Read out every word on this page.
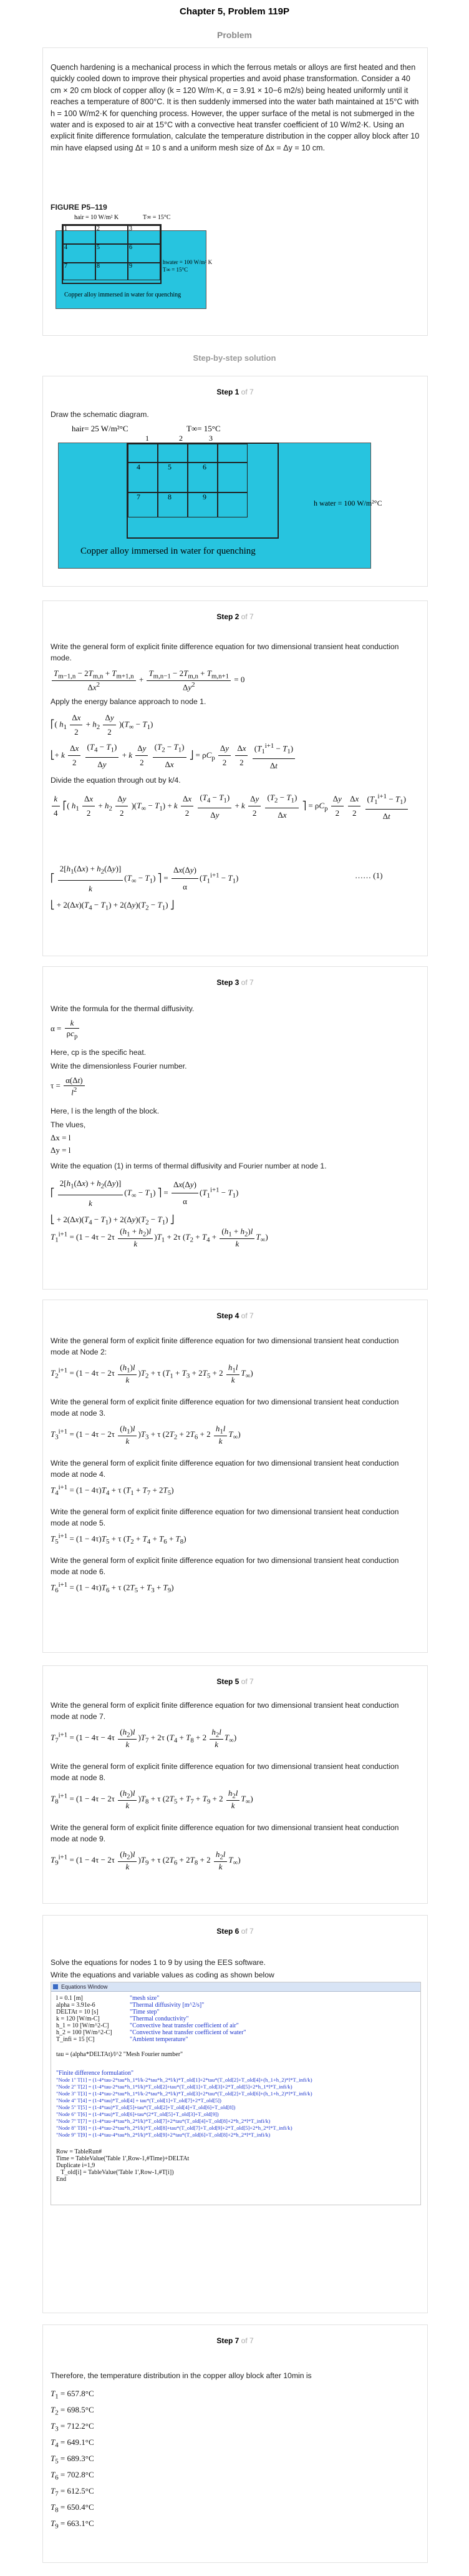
Chapter 5, Problem 119P
Problem
Quench hardening is a mechanical process in which the ferrous metals or alloys are first heated and then quickly cooled down to improve their physical properties and avoid phase transformation. Consider a 40 cm × 20 cm block of copper alloy (k = 120 W/m·K, α = 3.91 × 10−6 m2/s) being heated uniformly until it reaches a temperature of 800°C. It is then suddenly immersed into the water bath maintained at 15°C with h = 100 W/m2·K for quenching process. However, the upper surface of the metal is not submerged in the water and is exposed to air at 15°C with a convective heat transfer coefficient of 10 W/m2·K. Using an explicit finite difference formulation, calculate the temperature distribution in the copper alloy block after 10 min have elapsed using Δt = 10 s and a uniform mesh size of Δx = Δy = 10 cm.
FIGURE P5–119
hair = 10 W/m² K	T∞ = 15°C
1	2	3
4	5	6
7	8	9
hwater = 100 W/m² K
T∞ = 15°C
Copper alloy immersed in water for quenching
Step-by-step solution
Step 1 of 7
Draw the schematic diagram.
hair= 25 W/m²°C	T∞= 15°C
1	2	3
4	5	6
7	8	9
h water = 100 W/m²°C
Copper alloy immersed in water for quenching
Step 2 of 7
Write the general form of explicit finite difference equation for two dimensional transient heat conduction mode.
$\frac{T_{m-1,n} - 2T_{m,n} + T_{m+1,n}}{\Delta x^2} + \frac{T_{m,n-1} - 2T_{m,n} + T_{m,n+1}}{\Delta y^2} = 0$
Apply the energy balance approach to node 1.
⎡( $h_1 \frac{\Delta x}{2} + h_2 \frac{\Delta y}{2} )(T_\infty - T_1)$
⎣+ k $\frac{\Delta x}{2}$
$\frac{(T_4 - T_1)}{\Delta y} + k \frac{\Delta y}{2}$
$\frac{(T_2 - T_1)}{\Delta x}$ ⎦ = $\rho C_p \frac{\Delta y}{2}$
$\frac{\Delta x}{2}$
$\frac{(T_1^{i+1} - T_1)}{\Delta t}$
Divide the equation through out by k/4.
$\frac{k}{4}$ ⎡( $h_1 \frac{\Delta x}{2} + h_2 \frac{\Delta y}{2} )(T_\infty - T_1) + k \frac{\Delta x}{2}$
$\frac{(T_4 - T_1)}{\Delta y} + k \frac{\Delta y}{2}$
$\frac{(T_2 - T_1)}{\Delta x}$ ⎤ = $\rho C_p \frac{\Delta y}{2}$
$\frac{\Delta x}{2}$
$\frac{(T_1^{i+1} - T_1)}{\Delta t}$
⎡ $\frac{2[h_1(\Delta x) + h_2(\Delta y)]}{k} (T_\infty - T_1)$ ⎤ = $\frac{\Delta x(\Delta y)}{\alpha} (T_1^{i+1} - T_1)$
⎣ + $2(\Delta x)(T_4 - T_1) + 2(\Delta y)(T_2 - T_1)$ ⎦
…… (1)
Step 3 of 7
Write the formula for the thermal diffusivity.
$\alpha = \frac{k}{\rho c_p}$
Here, cp is the specific heat.
Write the dimensionless Fourier number.
$\tau = \frac{\alpha(\Delta t)}{l^2}$
Here, l is the length of the block.
The vlues,
Δx = l
Δy = l
Write the equation (1) in terms of thermal diffusivity and Fourier number at node 1.
⎡ $\frac{2[h_1(\Delta x) + h_2(\Delta y)]}{k} (T_\infty - T_1)$ ⎤ = $\frac{\Delta x(\Delta y)}{\alpha} (T_1^{i+1} - T_1)$
⎣ + $2(\Delta x)(T_4 - T_1) + 2(\Delta y)(T_2 - T_1)$ ⎦
$T_1^{i+1} = (1 - 4\tau - 2\tau \frac{(h_1 + h_2)l}{k} )T_1 + 2\tau$ $(T_2 + T_4 + \frac{(h_1 + h_2)l}{k} T_\infty)$
Step 4 of 7
Write the general form of explicit finite difference equation for two dimensional transient heat conduction mode at Node 2:
$T_2^{i+1} = (1 - 4\tau - 2\tau \frac{(h_1)l}{k} )T_2 + \tau$ $(T_1 + T_3 + 2T_5 + 2 \frac{h_1l}{k} T_\infty)$
Write the general form of explicit finite difference equation for two dimensional transient heat conduction mode at node 3.
$T_3^{i+1} = (1 - 4\tau - 2\tau \frac{(h_1)l}{k} )T_3 + \tau$ $(2T_2 + 2T_6 + 2 \frac{h_1l}{k} T_\infty)$
Write the general form of explicit finite difference equation for two dimensional transient heat conduction mode at node 4.
$T_4^{i+1} = (1 - 4\tau)T_4 + \tau$ $(T_1 + T_7 + 2T_5)$
Write the general form of explicit finite difference equation for two dimensional transient heat conduction mode at node 5.
$T_5^{i+1} = (1 - 4\tau)T_5 + \tau$ $(T_2 + T_4 + T_6 + T_8)$
Write the general form of explicit finite difference equation for two dimensional transient heat conduction mode at node 6.
$T_6^{i+1} = (1 - 4\tau)T_6 + \tau$ $(2T_5 + T_3 + T_9)$
Step 5 of 7
Write the general form of explicit finite difference equation for two dimensional transient heat conduction mode at node 7.
$T_7^{i+1} = (1 - 4\tau - 4\tau \frac{(h_2)l}{k} )T_7 + 2\tau$ $(T_4 + T_8 + 2 \frac{h_2l}{k} T_\infty)$
Write the general form of explicit finite difference equation for two dimensional transient heat conduction mode at node 8.
$T_8^{i+1} = (1 - 4\tau - 2\tau \frac{(h_2)l}{k} )T_8 + \tau$ $(2T_5 + T_7 + T_9 + 2 \frac{h_2l}{k} T_\infty)$
Write the general form of explicit finite difference equation for two dimensional transient heat conduction mode at node 9.
$T_9^{i+1} = (1 - 4\tau - 2\tau \frac{(h_2)l}{k} )T_9 + \tau$ $(2T_6 + 2T_8 + 2 \frac{h_2l}{k} T_\infty)$
Step 6 of 7
Solve the equations for nodes 1 to 9 by using the EES software.
Write the equations and variable values as coding as shown below
Equations Window
l = 0.1 [m]	"mesh size"
alpha = 3.91e-6	"Thermal diffusivity [m^2/s]"
DELTAt = 10 [s]	"Time step"
k = 120 [W/m-C]	"Thermal conductivity"
h_1 = 10 [W/m^2-C]	"Convective heat transfer coefficient of air"
h_2 = 100 [W/m^2-C]	"Convective heat transfer coefficient of water"
T_infi = 15 [C]	"Ambient temperature"
tau = (alpha*DELTAt)/l^2 "Mesh Fourier number"
"Finite difference formulation"
"Node 1" T[1] = (1-4*tau-2*tau*h_1*l/k-2*tau*h_2*l/k)*T_old[1]+2*tau*(T_old[2]+T_old[4]+(h_1+h_2)*l*T_infi/k)
"Node 2" T[2] = (1-4*tau-2*tau*h_1*l/k)*T_old[2]+tau*(T_old[1]+T_old[3]+2*T_old[5]+2*h_1*l*T_infi/k)
"Node 3" T[3] = (1-4*tau-2*tau*h_1*l/k-2*tau*h_2*l/k)*T_old[3]+2*tau*(T_old[2]+T_old[6]+(h_1+h_2)*l*T_infi/k)
"Node 4" T[4] = (1-4*tau)*T_old[4] + tau*(T_old[1]+T_old[7]+2*T_old[5])
"Node 5" T[5] = (1-4*tau)*T_old[5]+tau*(T_old[2]+T_old[4]+T_old[6]+T_old[8])
"Node 6" T[6] = (1-4*tau)*T_old[6]+tau*(2*T_old[5]+T_old[3]+T_old[9])
"Node 7" T[7] = (1-4*tau-4*tau*h_2*l/k)*T_old[7]+2*tau*(T_old[4]+T_old[8]+2*h_2*l*T_infi/k)
"Node 8" T[8] = (1-4*tau-2*tau*h_2*l/k)*T_old[8]+tau*(T_old[7]+T_old[9]+2*T_old[5]+2*h_2*l*T_infi/k)
"Node 9" T[9] = (1-4*tau-4*tau*h_2*l/k)*T_old[9]+2*tau*(T_old[6]+T_old[8]+2*h_2*l*T_infi/k)
Row = TableRun#
Time = TableValue('Table 1',Row-1,#Time)+DELTAt
Duplicate i=1,9
T_old[i] = TableValue('Table 1',Row-1,#T[i])
End
Step 7 of 7
Therefore, the temperature distribution in the copper alloy block after 10min is
$T_1 = 657.8^\circ C$
$T_2 = 698.5^\circ C$
$T_3 = 712.2^\circ C$
$T_4 = 649.1^\circ C$
$T_5 = 689.3^\circ C$
$T_6 = 702.8^\circ C$
$T_7 = 612.5^\circ C$
$T_8 = 650.4^\circ C$
$T_9 = 663.1^\circ C$
